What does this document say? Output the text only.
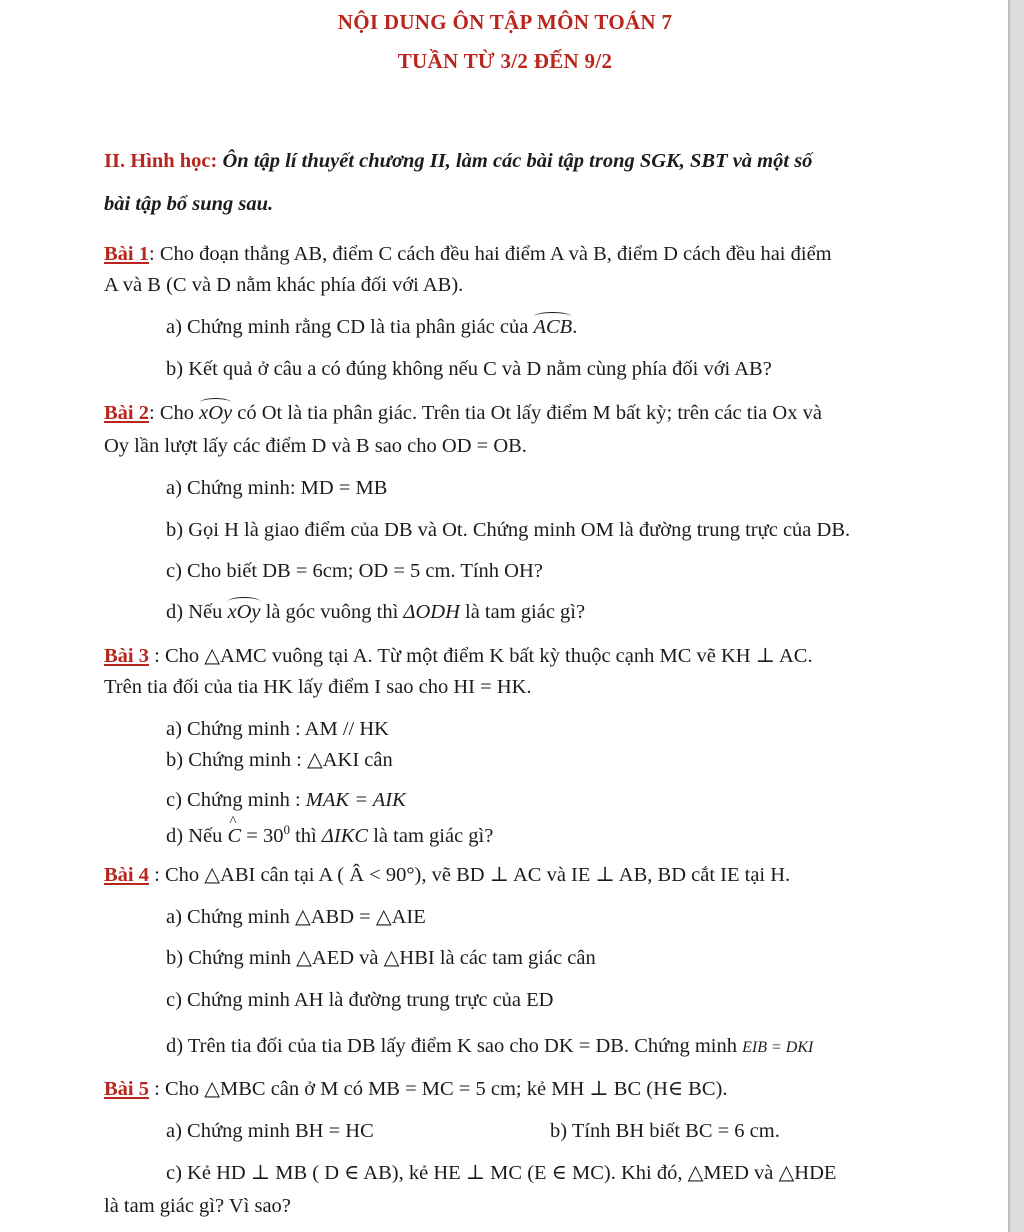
NỘI DUNG ÔN TẬP MÔN TOÁN 7
TUẦN TỪ 3/2 ĐẾN 9/2
II. Hình học: Ôn tập lí thuyết chương II, làm các bài tập trong SGK, SBT và một số
bài tập bổ sung sau.
Bài 1: Cho đoạn thẳng AB, điểm C cách đều hai điểm A và B, điểm D cách đều hai điểm
A và B (C và D nằm khác phía đối với AB).
a) Chứng minh rằng CD là tia phân giác của ACB.
b) Kết quả ở câu a có đúng không nếu C và D nằm cùng phía đối với AB?
Bài 2: Cho xOy có Ot là tia phân giác. Trên tia Ot lấy điểm M bất kỳ; trên các tia Ox và
Oy lần lượt lấy các điểm D và B sao cho OD = OB.
a) Chứng minh: MD = MB
b) Gọi H là giao điểm của DB và Ot. Chứng minh OM là đường trung trực của DB.
c) Cho biết DB = 6cm; OD = 5 cm. Tính OH?
d) Nếu xOy là góc vuông thì ΔODH là tam giác gì?
Bài 3 : Cho △AMC vuông tại A. Từ một điểm K bất kỳ thuộc cạnh MC vẽ KH ⊥ AC.
Trên tia đối của tia HK lấy điểm I sao cho HI = HK.
a) Chứng minh : AM // HK
b) Chứng minh : △AKI cân
c) Chứng minh : MAK = AIK
d) Nếu ^ $C = 30^0$ thì ΔIKC là tam giác gì?
Bài 4 : Cho △ABI cân tại A ( Â < 90°), vẽ BD ⊥ AC và IE ⊥ AB, BD cắt IE tại H.
a) Chứng minh △ABD = △AIE
b) Chứng minh △AED và △HBI là các tam giác cân
c) Chứng minh AH là đường trung trực của ED
d) Trên tia đối của tia DB lấy điểm K sao cho DK = DB. Chứng minh EIB = DKI
Bài 5 : Cho △MBC cân ở M có MB = MC = 5 cm; kẻ MH ⊥ BC (H∈ BC).
a) Chứng minh BH = HC	b) Tính BH biết BC = 6 cm.
c) Kẻ HD ⊥ MB ( D ∈ AB), kẻ HE ⊥ MC (E ∈ MC). Khi đó, △MED và △HDE
là tam giác gì? Vì sao?
